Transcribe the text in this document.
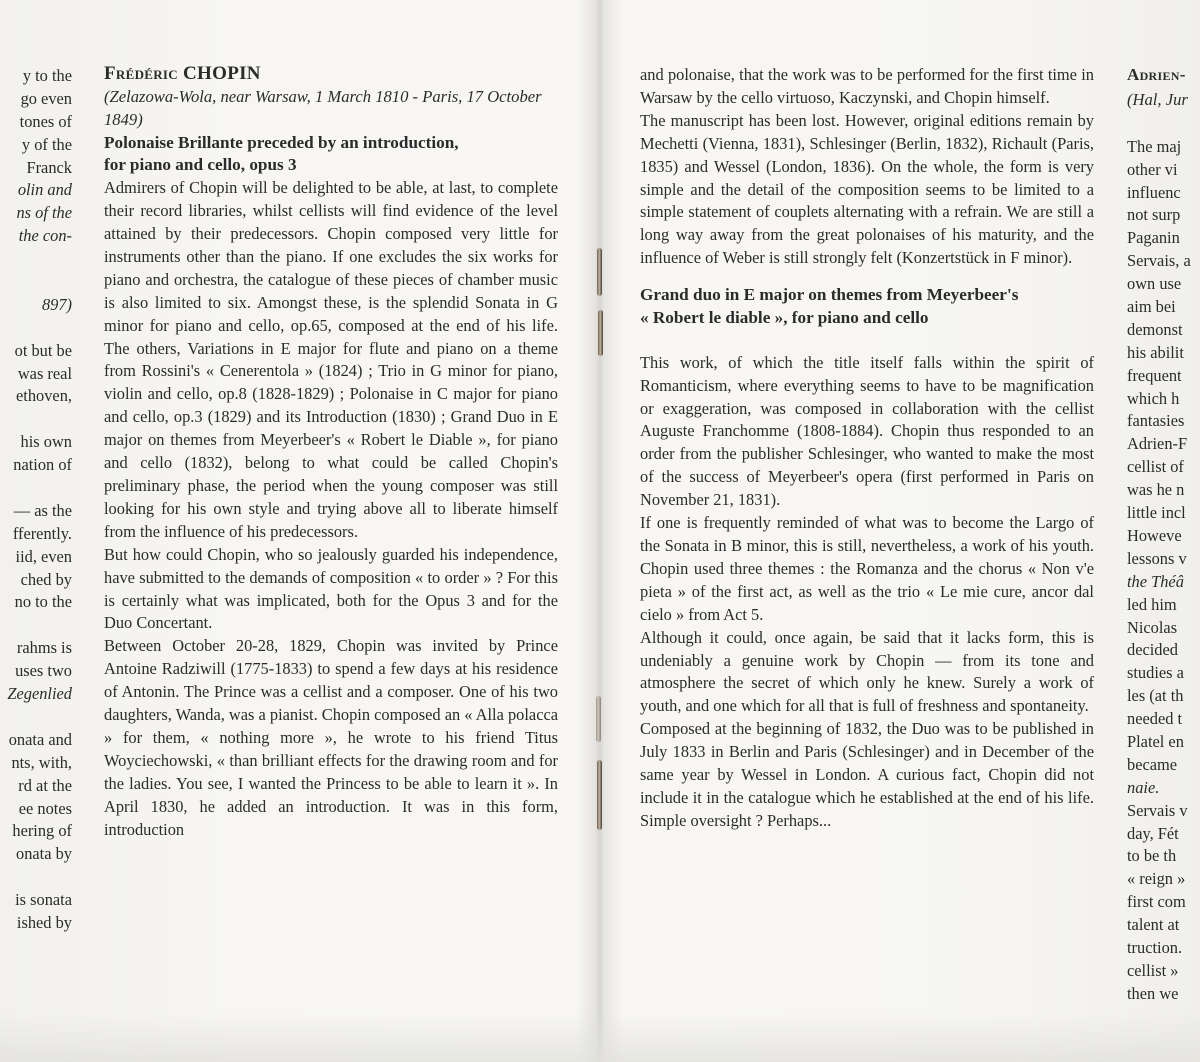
y to the
go even
tones of
y of the
Franck
olin and
ns of the
the con-

897)

ot but be
was real
ethoven,

his own
nation of

— as the
fferently.
iid, even
ched by
no to the

rahms is
uses two
Zegenlied

onata and
nts, with,
rd at the
ee notes
hering of
onata by

is sonata
ished by
Frédéric CHOPIN

(Zelazowa-Wola, near Warsaw, 1 March 1810 - Paris, 17 October 1849)

Polonaise Brillante preceded by an introduction,
for piano and cello, opus 3

Admirers of Chopin will be delighted to be able, at last, to complete their record libraries, whilst cellists will find evidence of the level attained by their predecessors. Chopin composed very little for instruments other than the piano. If one excludes the six works for piano and orchestra, the catalogue of these pieces of chamber music is also limited to six. Amongst these, is the splendid Sonata in G minor for piano and cello, op.65, composed at the end of his life. The others, Variations in E major for flute and piano on a theme from Rossini's « Cenerentola » (1824) ; Trio in G minor for piano, violin and cello, op.8 (1828-1829) ; Polonaise in C major for piano and cello, op.3 (1829) and its Introduction (1830) ; Grand Duo in E major on themes from Meyerbeer's « Robert le Diable », for piano and cello (1832), belong to what could be called Chopin's preliminary phase, the period when the young composer was still looking for his own style and trying above all to liberate himself from the influence of his predecessors.

But how could Chopin, who so jealously guarded his independence, have submitted to the demands of composition « to order » ? For this is certainly what was implicated, both for the Opus 3 and for the Duo Concertant.

Between October 20-28, 1829, Chopin was invited by Prince Antoine Radziwill (1775-1833) to spend a few days at his residence of Antonin. The Prince was a cellist and a composer. One of his two daughters, Wanda, was a pianist. Chopin composed an « Alla polacca » for them, « nothing more », he wrote to his friend Titus Woyciechowski, « than brilliant effects for the drawing room and for the ladies. You see, I wanted the Princess to be able to learn it ». In April 1830, he added an introduction. It was in this form, introduction

and polonaise, that the work was to be performed for the first time in Warsaw by the cello virtuoso, Kaczynski, and Chopin himself.

The manuscript has been lost. However, original editions remain by Mechetti (Vienna, 1831), Schlesinger (Berlin, 1832), Richault (Paris, 1835) and Wessel (London, 1836). On the whole, the form is very simple and the detail of the composition seems to be limited to a simple statement of couplets alternating with a refrain. We are still a long way away from the great polonaises of his maturity, and the influence of Weber is still strongly felt (Konzertstück in F minor).

Grand duo in E major on themes from Meyerbeer's
« Robert le diable », for piano and cello

This work, of which the title itself falls within the spirit of Romanticism, where everything seems to have to be magnification or exaggeration, was composed in collaboration with the cellist Auguste Franchomme (1808-1884). Chopin thus responded to an order from the publisher Schlesinger, who wanted to make the most of the success of Meyerbeer's opera (first performed in Paris on November 21, 1831).

If one is frequently reminded of what was to become the Largo of the Sonata in B minor, this is still, nevertheless, a work of his youth. Chopin used three themes : the Romanza and the chorus « Non v'e pieta » of the first act, as well as the trio « Le mie cure, ancor dal cielo » from Act 5.

Although it could, once again, be said that it lacks form, this is undeniably a genuine work by Chopin — from its tone and atmosphere the secret of which only he knew. Surely a work of youth, and one which for all that is full of freshness and spontaneity.

Composed at the beginning of 1832, the Duo was to be published in July 1833 in Berlin and Paris (Schlesinger) and in December of the same year by Wessel in London. A curious fact, Chopin did not include it in the catalogue which he established at the end of his life. Simple oversight ? Perhaps...

Adrien-

(Hal, Jur

The maj
other vi
influenc
not surp
Paganin
Servais, a
own use
aim bei
demonst
his abilit
frequent
which h
fantasies
Adrien-F
cellist of
was he n
little incl
Howeve
lessons v
the Théâ
led him
Nicolas
decided
studies a
les (at th
needed t
Platel en
became
naie.
Servais v
day, Fét
to be th
« reign »
first com
talent at
truction.
cellist »
then we
